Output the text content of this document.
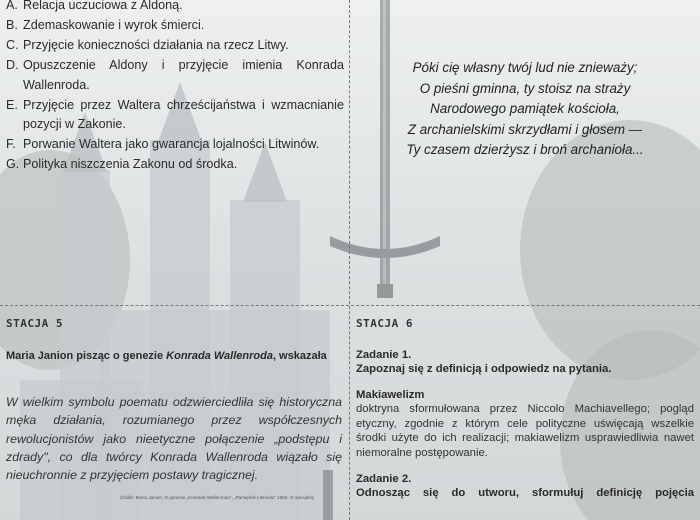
A. Relacja uczuciowa z Aldoną.
B. Zdemaskowanie i wyrok śmierci.
C. Przyjęcie konieczności działania na rzecz Litwy.
D. Opuszczenie Aldony i przyjęcie imienia Konrada Wallenroda.
E. Przyjęcie przez Waltera chrześcijaństwa i wzmacnianie pozycji w Zakonie.
F. Porwanie Waltera jako gwarancja lojalności Litwinów.
G. Polityka niszczenia Zakonu od środka.
Póki cię własny twój lud nie znieważy;
O pieśni gminna, ty stoisz na straży
Narodowego pamiątek kościoła,
Z archanielskimi skrzydłami i głosem —
Ty czasem dzierżysz i broń archanioła...
STACJA 5
Maria Janion pisząc o genezie Konrada Wallenroda, wskazała
W wielkim symbolu poematu odzwierciedliła się historyczna męka działania, rozumianego przez współczesnych rewolucjonistów jako nieetyczne połączenie „podstępu i zdrady", co dla twórcy Konrada Wallenroda wiązało się nieuchronnie z przyjęciem postawy tragicznej.
Źródło: Maria Janion, O genezie „Konrada Wallenroda", „Pamiętnik Literacki" 1956, nr specjalny
STACJA 6
Zadanie 1.
Zapoznaj się z definicją i odpowiedz na pytania.
Makiawelizm
doktryna sformułowana przez Niccolo Machiavellego; pogląd etyczny, zgodnie z którym cele polityczne uświęcają wszelkie środki użyte do ich realizacji; makiawelizm usprawiedliwia nawet niemoralne postępowanie.
Zadanie 2.
Odnosząc się do utworu, sformułuj definicję pojęcia
